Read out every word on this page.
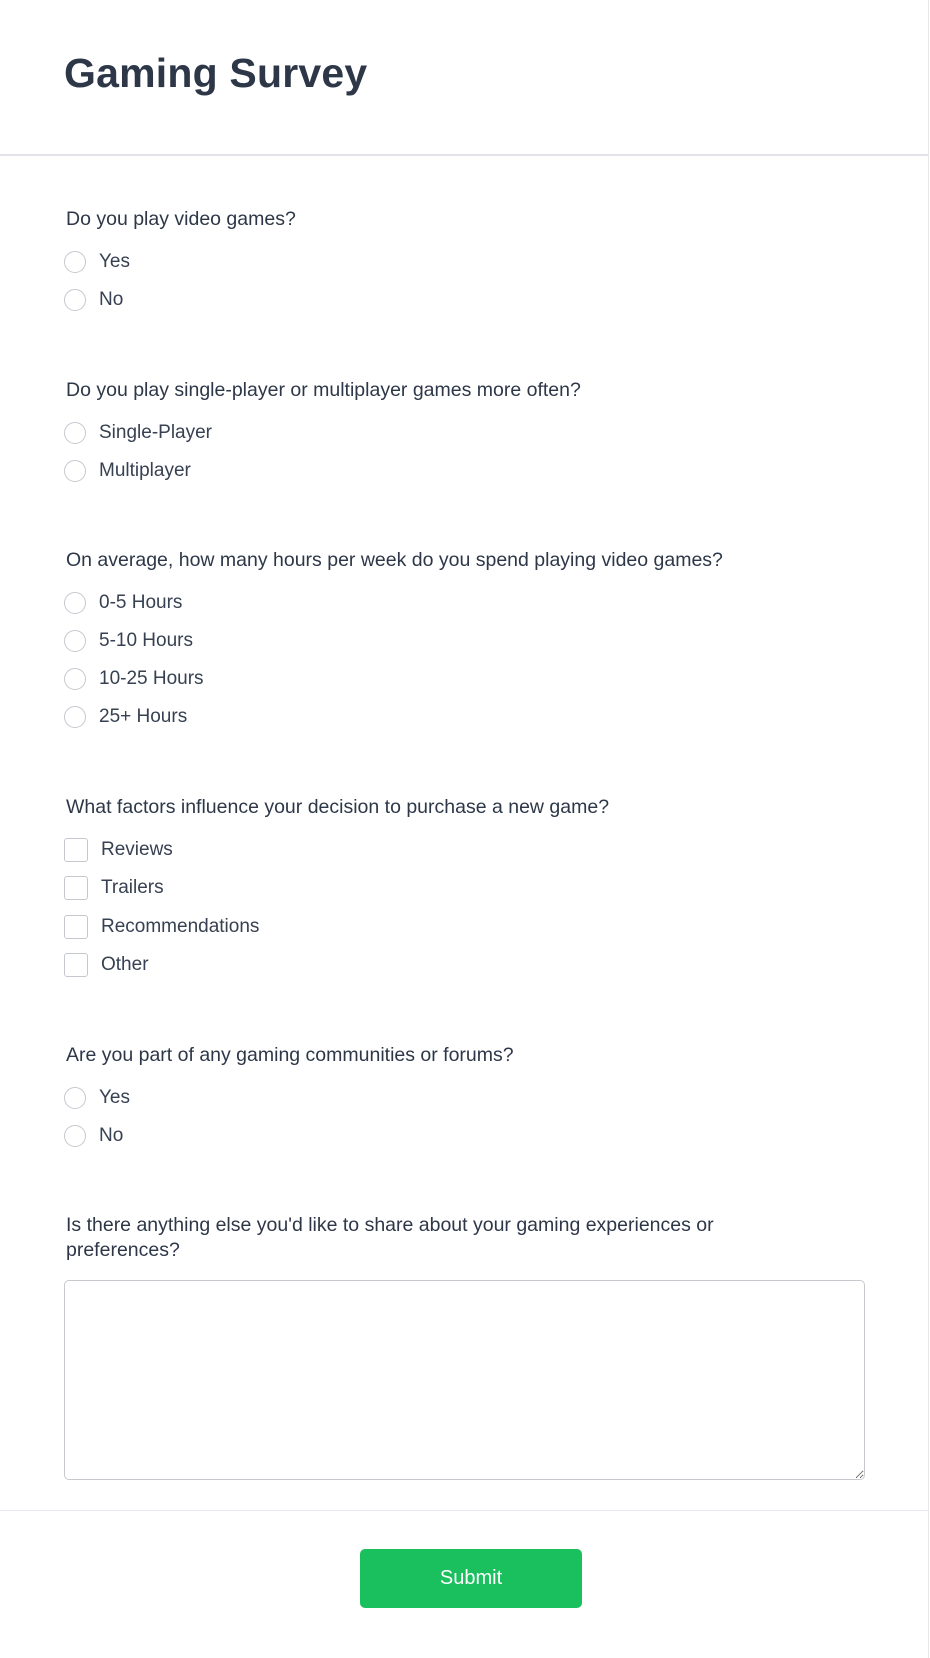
Gaming Survey

Do you play video games?

Yes
No

Do you play single-player or multiplayer games more often?

Single-Player
Multiplayer

On average, how many hours per week do you spend playing video games?

0-5 Hours
5-10 Hours
10-25 Hours
25+ Hours

What factors influence your decision to purchase a new game?

Reviews
Trailers
Recommendations
Other

Are you part of any gaming communities or forums?

Yes
No

Is there anything else you'd like to share about your gaming experiences or preferences?

Submit
